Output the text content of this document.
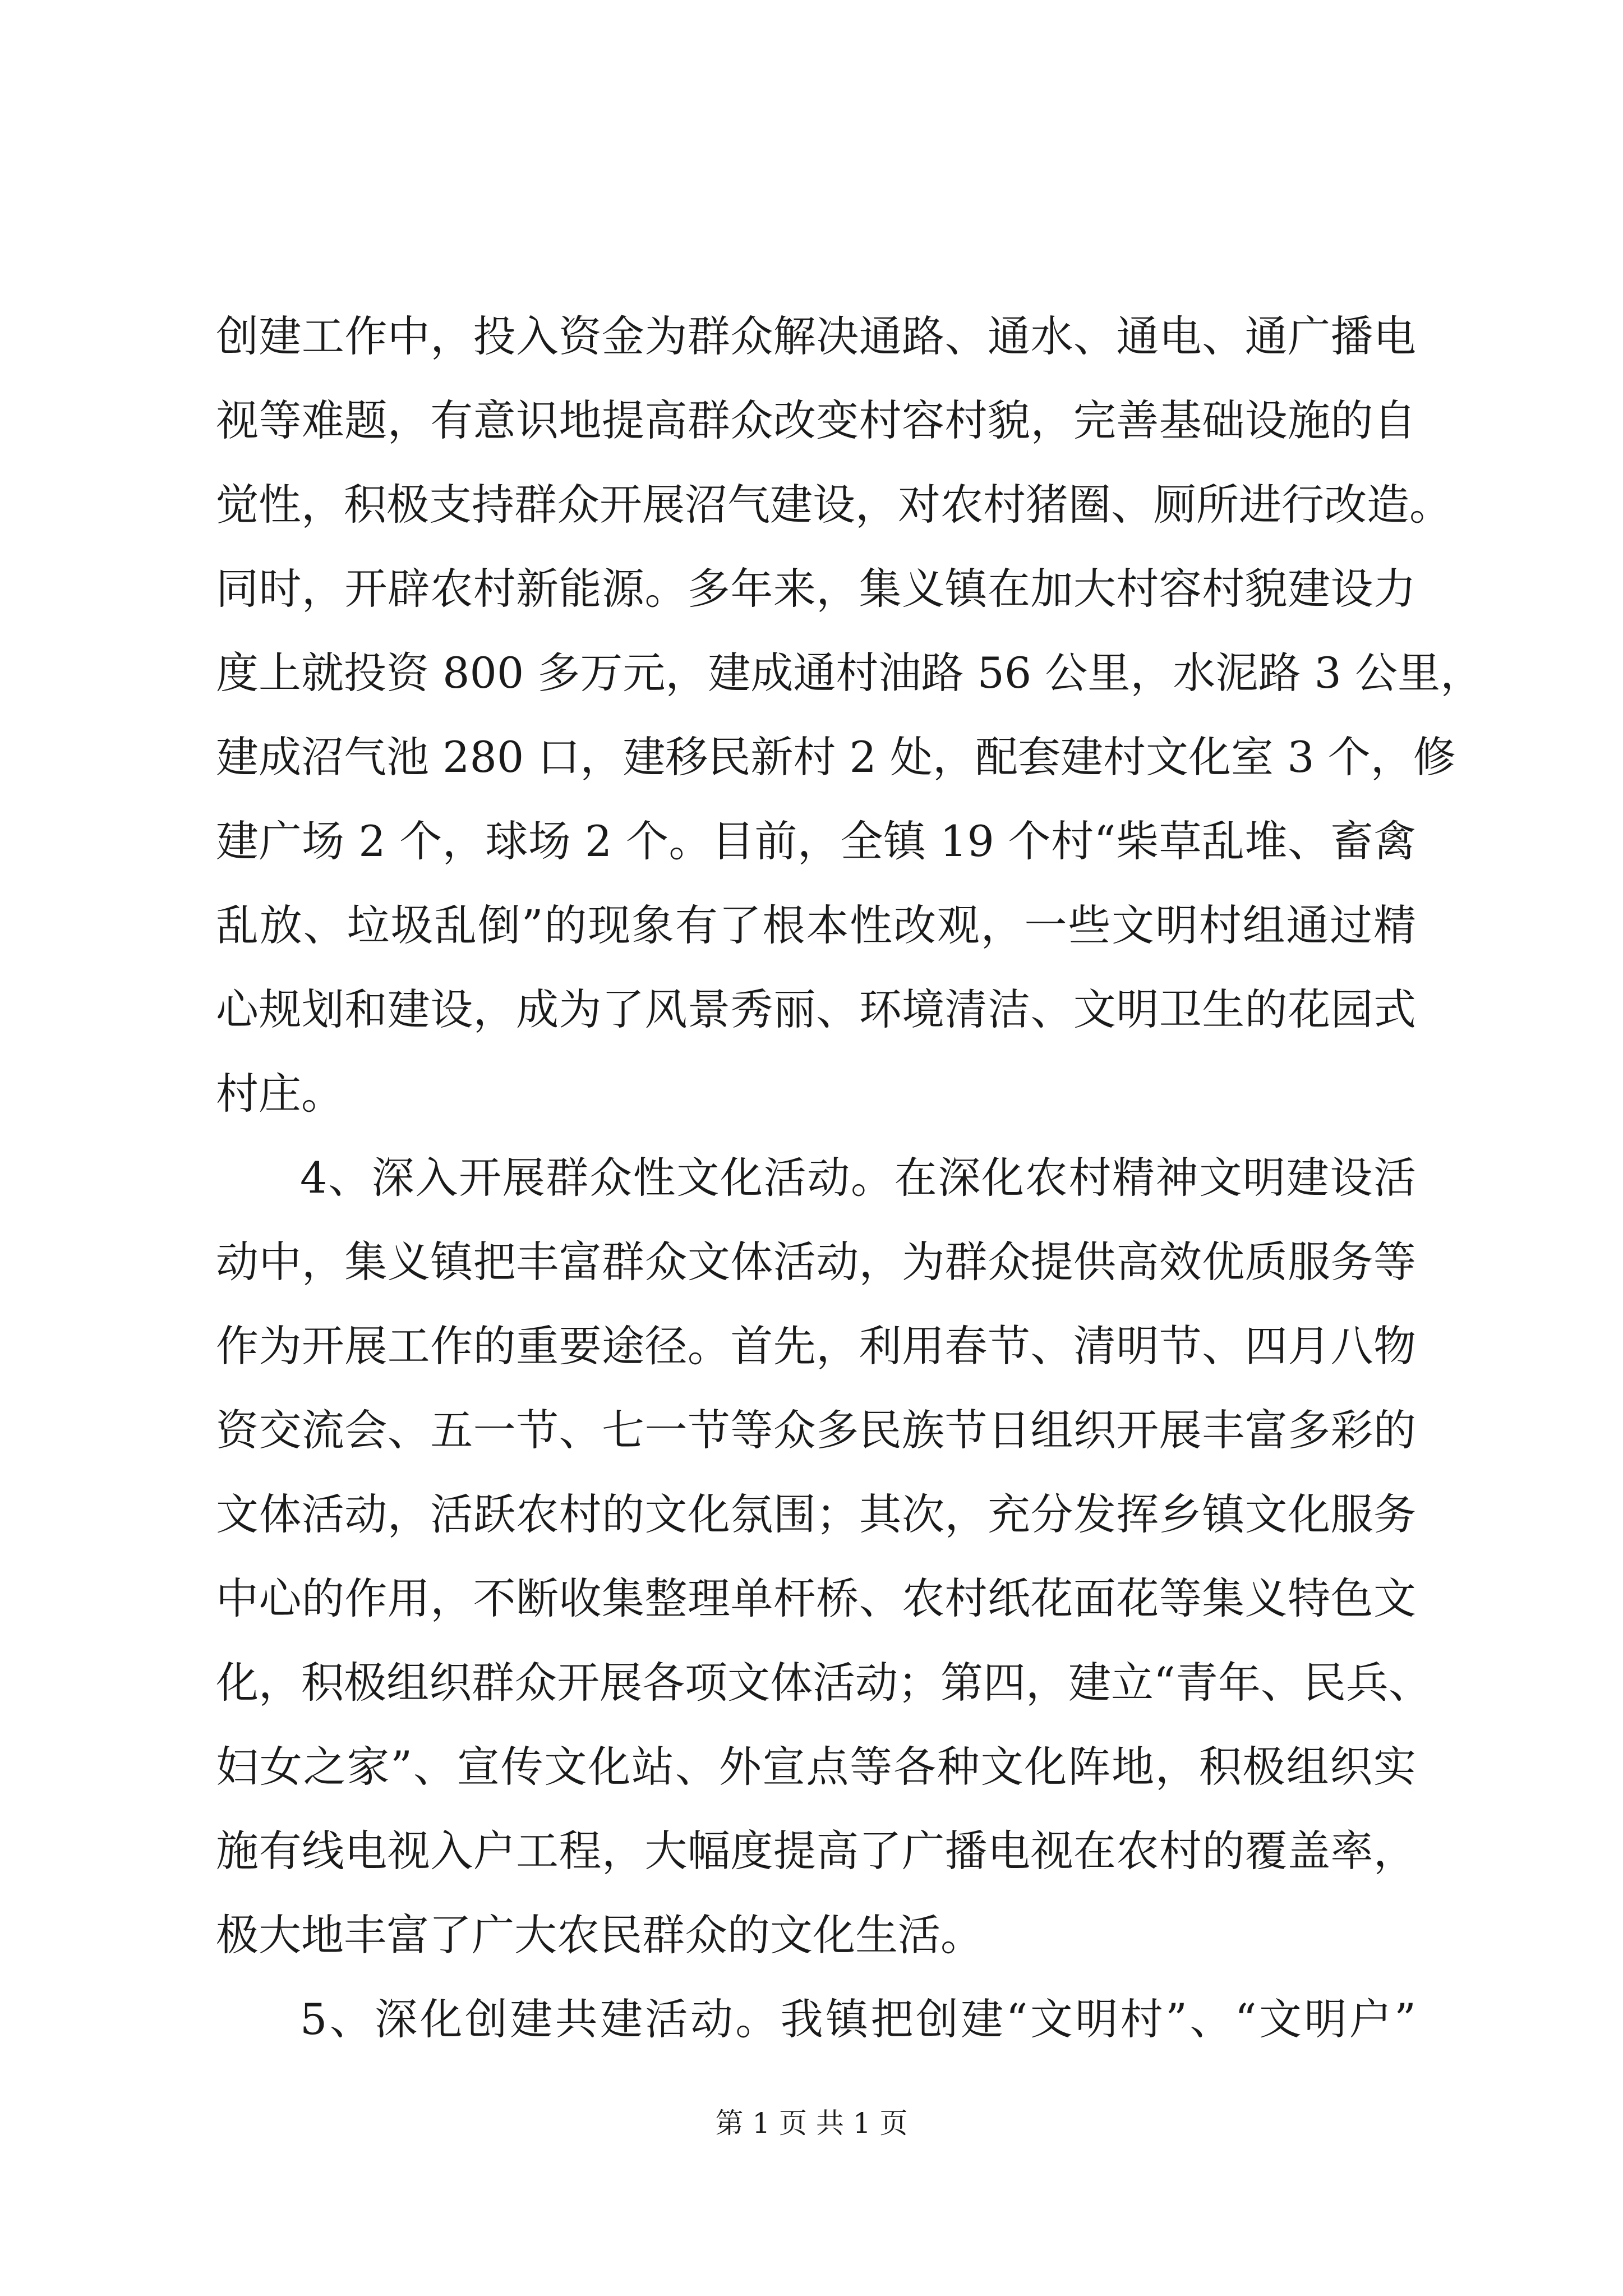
创建工作中，投入资金为群众解决通路、通水、通电、通广播电
视等难题，有意识地提高群众改变村容村貌，完善基础设施的自
觉性，积极支持群众开展沼气建设，对农村猪圈、厕所进行改造。
同时，开辟农村新能源。多年来，集义镇在加大村容村貌建设力
度上就投资 800 多万元，建成通村油路 56 公里，水泥路 3 公里，
建成沼气池 280 口，建移民新村 2 处，配套建村文化室 3 个，修
建广场 2 个，球场 2 个。目前，全镇 19 个村“柴草乱堆、畜禽
乱放、垃圾乱倒”的现象有了根本性改观，一些文明村组通过精
心规划和建设，成为了风景秀丽、环境清洁、文明卫生的花园式
村庄。
4、深入开展群众性文化活动。在深化农村精神文明建设活
动中，集义镇把丰富群众文体活动，为群众提供高效优质服务等
作为开展工作的重要途径。首先，利用春节、清明节、四月八物
资交流会、五一节、七一节等众多民族节日组织开展丰富多彩的
文体活动，活跃农村的文化氛围；其次，充分发挥乡镇文化服务
中心的作用，不断收集整理单杆桥、农村纸花面花等集义特色文
化，积极组织群众开展各项文体活动；第四，建立“青年、民兵、
妇女之家”、宣传文化站、外宣点等各种文化阵地，积极组织实
施有线电视入户工程，大幅度提高了广播电视在农村的覆盖率，
极大地丰富了广大农民群众的文化生活。
5、深化创建共建活动。我镇把创建“文明村”、“文明户”
第 1 页 共 1 页
